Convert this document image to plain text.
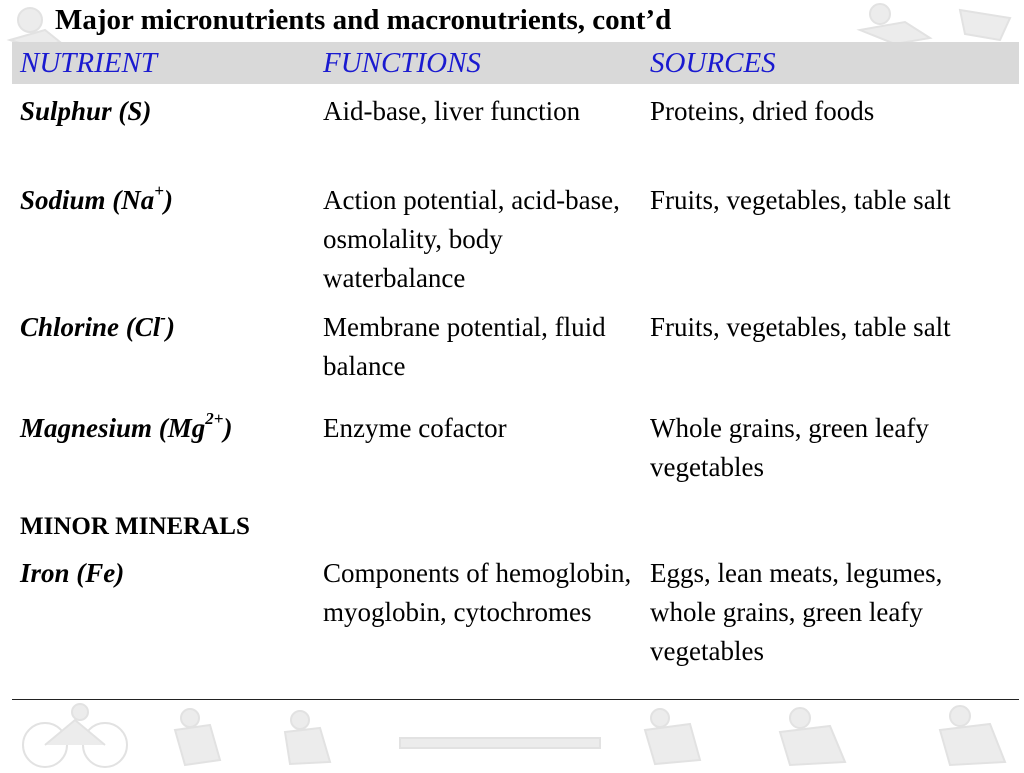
Major micronutrients and macronutrients, cont’d
NUTRIENT	FUNCTIONS	SOURCES
Sulphur (S)	Aid-base, liver function	Proteins, dried foods
Sodium (Na+)	Action potential, acid-base, osmolality, body waterbalance	Fruits, vegetables, table salt
Chlorine (Cl-)	Membrane potential, fluid balance	Fruits, vegetables, table salt
Magnesium $(Mg^{2+})$	Enzyme cofactor	Whole grains, green leafy vegetables
MINOR MINERALS		
Iron (Fe)	Components of hemoglobin, myoglobin, cytochromes	Eggs, lean meats, legumes, whole grains, green leafy vegetables
